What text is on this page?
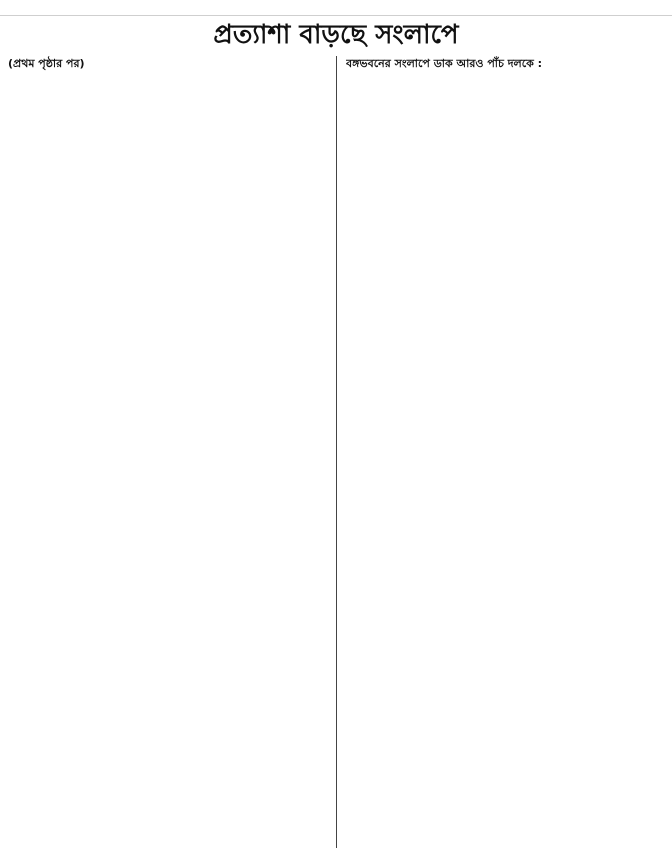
প্রত্যাশা বাড়ছে সংলাপে

(প্রথম পৃষ্ঠার পর)	বঙ্গভবনের সংলাপে ডাক আরও পাঁচ দলকে :
